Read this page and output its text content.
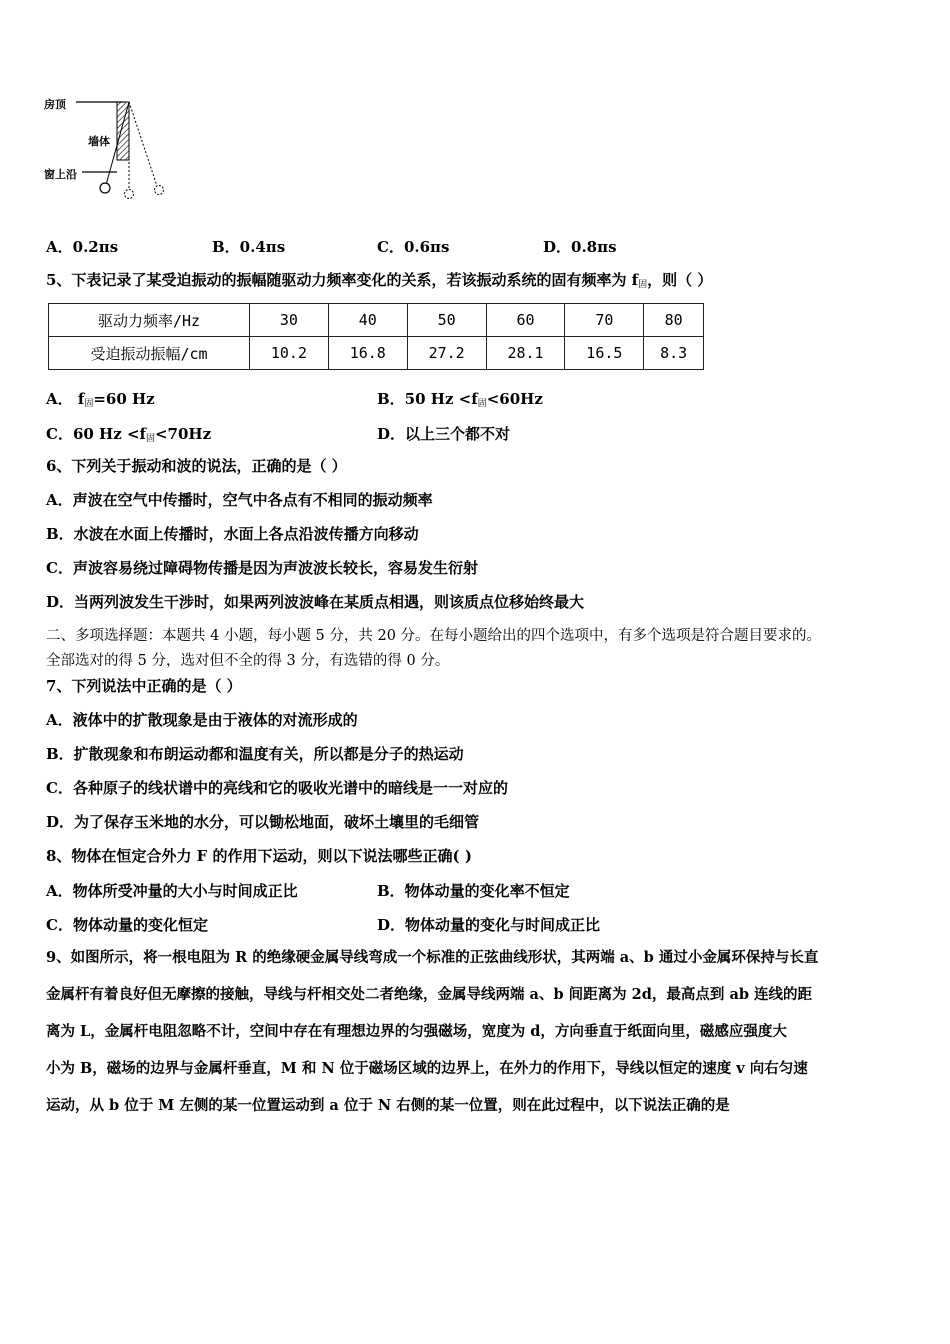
房顶
墙体
窗上沿
A．0.2πs	B．0.4πs	C．0.6πs	D．0.8πs
5、下表记录了某受迫振动的振幅随驱动力频率变化的关系，若该振动系统的固有频率为 $f_固$，则（ ）
驱动力频率/Hz	30	40	50	60	70	80
受迫振动振幅/cm	10.2	16.8	27.2	28.1	16.5	8.3
A． $f_固=60$ Hz	B．50 $Hz <f_固<60Hz$
C．60 $Hz <f_固<70Hz$	D．以上三个都不对
6、下列关于振动和波的说法，正确的是（ ）
A．声波在空气中传播时，空气中各点有不相同的振动频率
B．水波在水面上传播时，水面上各点沿波传播方向移动
C．声波容易绕过障碍物传播是因为声波波长较长，容易发生衍射
D．当两列波发生干涉时，如果两列波波峰在某质点相遇，则该质点位移始终最大
二、多项选择题：本题共 4 小题，每小题 5 分，共 20 分。在每小题给出的四个选项中，有多个选项是符合题目要求的。
全部选对的得 5 分，选对但不全的得 3 分，有选错的得 0 分。
7、下列说法中正确的是（ ）
A．液体中的扩散现象是由于液体的对流形成的
B．扩散现象和布朗运动都和温度有关，所以都是分子的热运动
C．各种原子的线状谱中的亮线和它的吸收光谱中的暗线是一一对应的
D．为了保存玉米地的水分，可以锄松地面，破坏土壤里的毛细管
8、物体在恒定合外力 F 的作用下运动，则以下说法哪些正确( )
A．物体所受冲量的大小与时间成正比	B．物体动量的变化率不恒定
C．物体动量的变化恒定	D．物体动量的变化与时间成正比
9、如图所示，将一根电阻为 R 的绝缘硬金属导线弯成一个标准的正弦曲线形状，其两端 a、b 通过小金属环保持与长直
金属杆有着良好但无摩擦的接触，导线与杆相交处二者绝缘，金属导线两端 a、b 间距离为 2d，最高点到 ab 连线的距
离为 L，金属杆电阻忽略不计，空间中存在有理想边界的匀强磁场，宽度为 d，方向垂直于纸面向里，磁感应强度大
小为 B，磁场的边界与金属杆垂直，M 和 N 位于磁场区域的边界上，在外力的作用下，导线以恒定的速度 v 向右匀速
运动，从 b 位于 M 左侧的某一位置运动到 a 位于 N 右侧的某一位置，则在此过程中，以下说法正确的是
